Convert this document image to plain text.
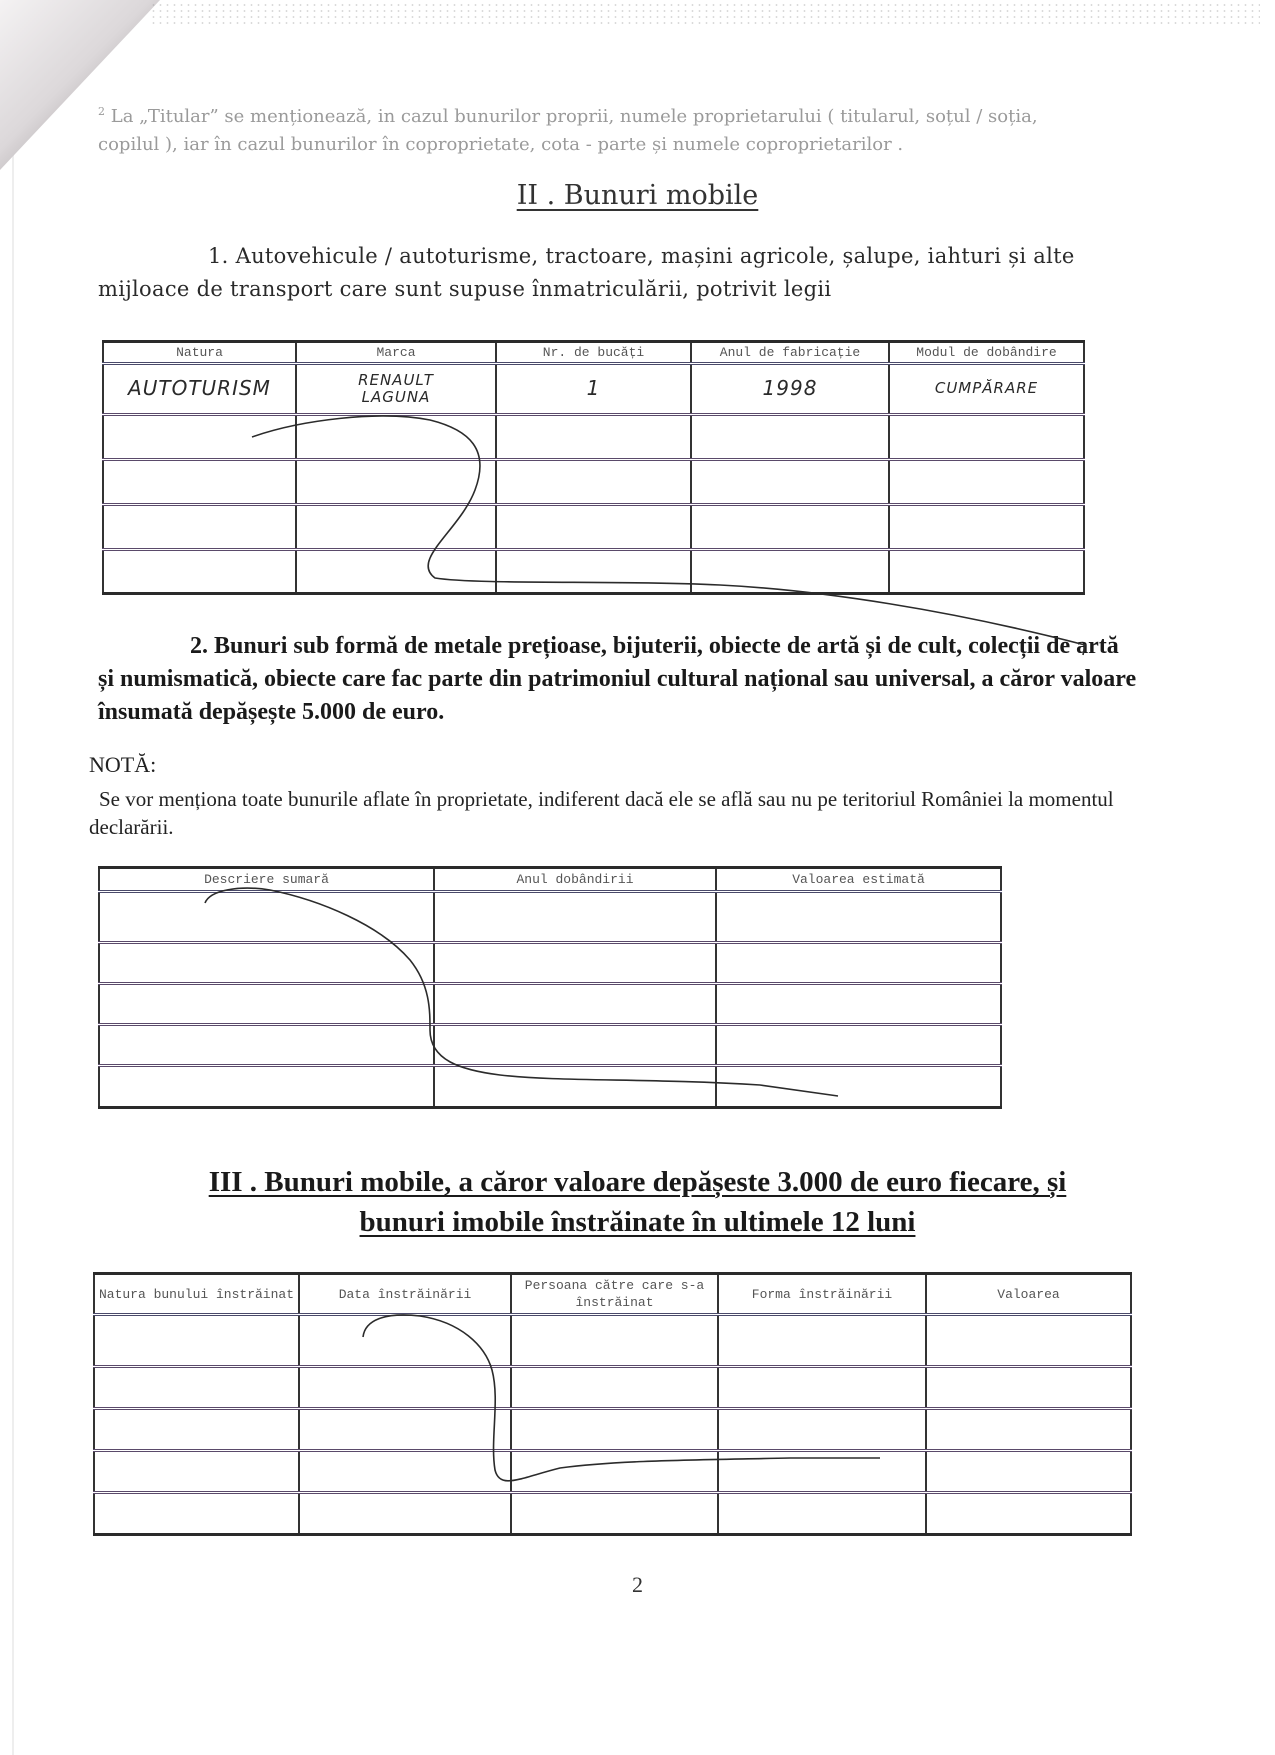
$^2$ La „Titular” se menționează, in cazul bunurilor proprii, numele proprietarului ( titularul, soțul / soția, copilul ), iar în cazul bunurilor în coproprietate, cota - parte și numele coproprietarilor .
II . Bunuri mobile
1. Autovehicule / autoturisme, tractoare, mașini agricole, șalupe, iahturi și alte mijloace de transport care sunt supuse înmatriculării, potrivit legii
Natura	Marca	Nr. de bucăți	Anul de fabricație	Modul de dobândire
AUTOTURISM	RENAULT LAGUNA	1	1998	CUMPĂRARE

2. Bunuri sub formă de metale prețioase, bijuterii, obiecte de artă și de cult, colecții de artă și numismatică, obiecte care fac parte din patrimoniul cultural național sau universal, a căror valoare însumată depășește 5.000 de euro.
NOTĂ:
Se vor menționa toate bunurile aflate în proprietate, indiferent dacă ele se află sau nu pe teritoriul României la momentul declarării.
Descriere sumară	Anul dobândirii	Valoarea estimată

III . Bunuri mobile, a căror valoare depășeste 3.000 de euro fiecare, și
bunuri imobile înstrăinate în ultimele 12 luni
Natura bunului înstrăinat	Data înstrăinării	Persoana către care s-a înstrăinat	Forma înstrăinării	Valoarea

2
